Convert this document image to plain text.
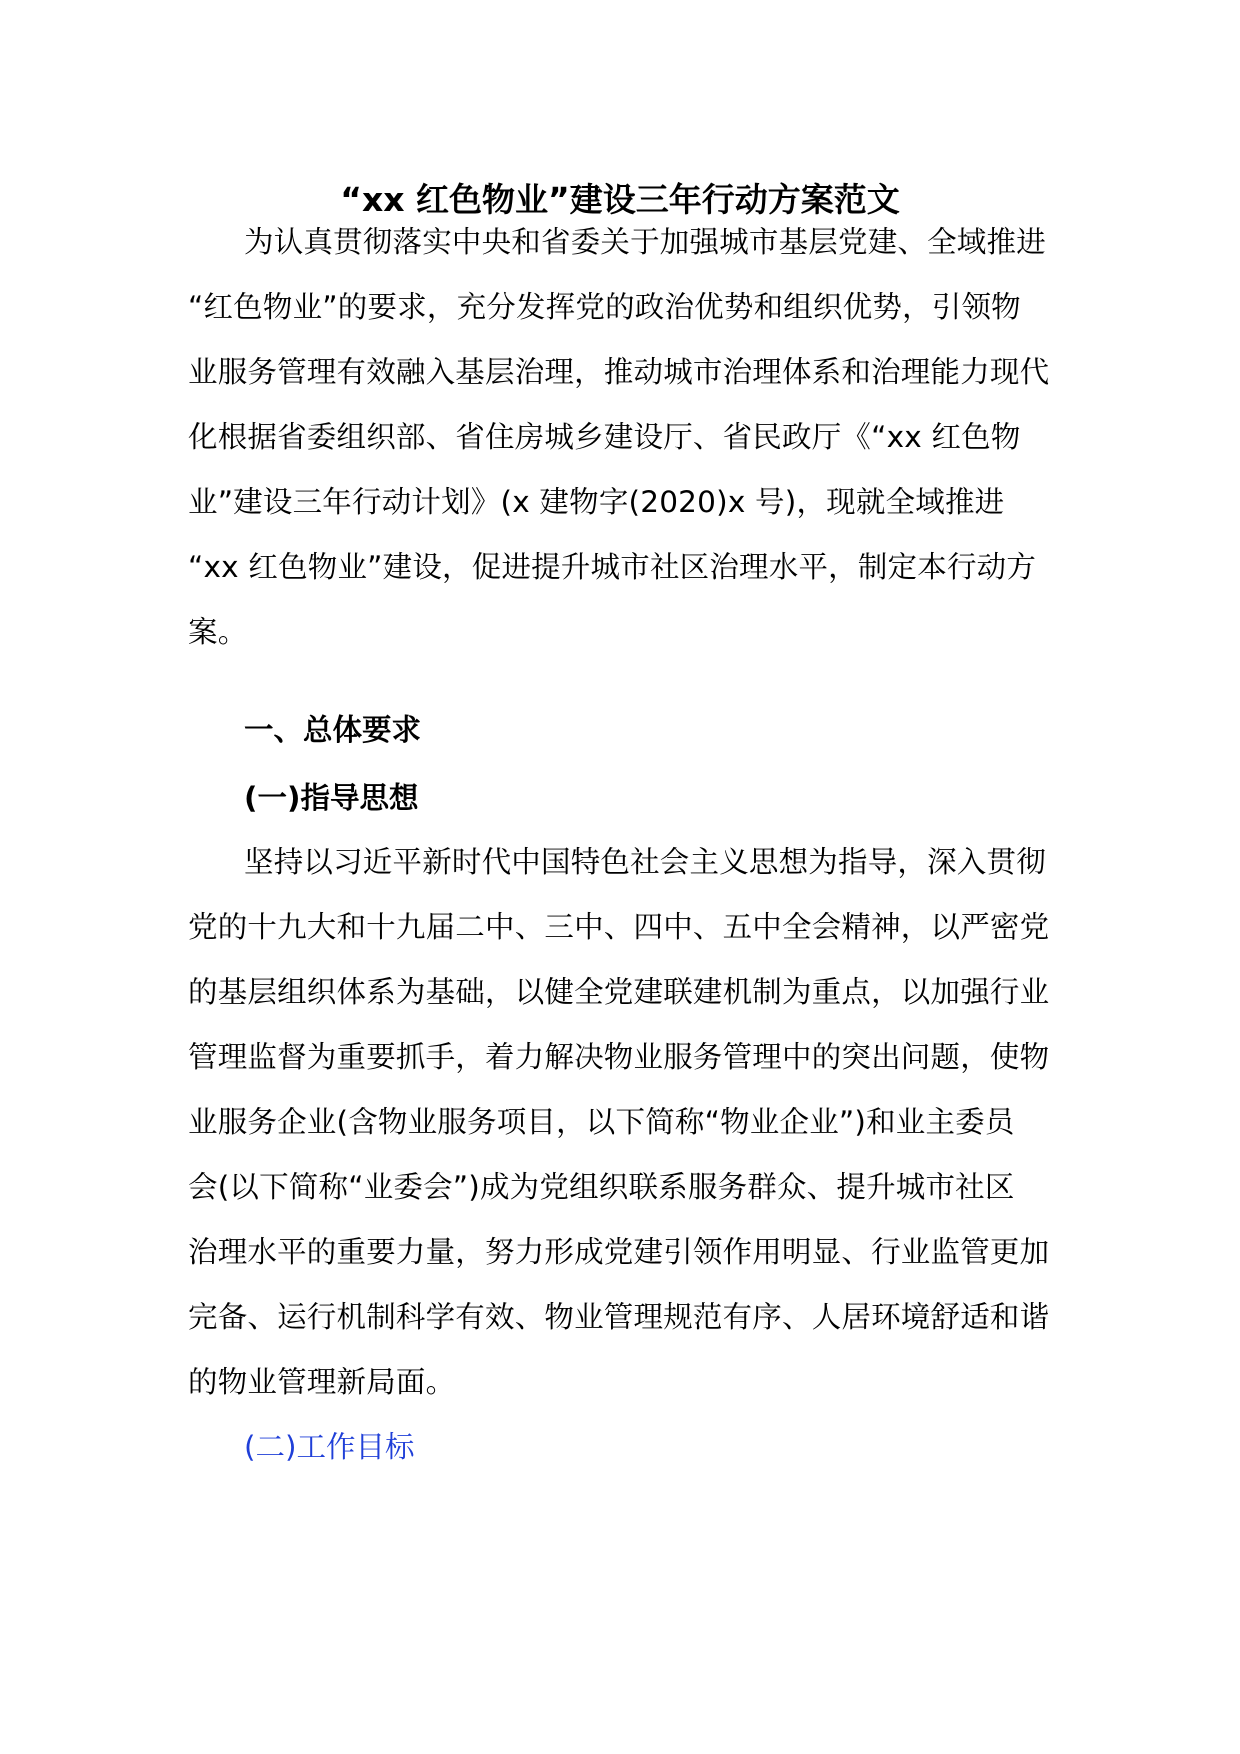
“xx 红色物业”建设三年行动方案范文
为认真贯彻落实中央和省委关于加强城市基层党建、全域推进
“红色物业”的要求，充分发挥党的政治优势和组织优势，引领物
业服务管理有效融入基层治理，推动城市治理体系和治理能力现代
化根据省委组织部、省住房城乡建设厅、省民政厅《“xx 红色物
业”建设三年行动计划》(x 建物字(2020)x 号)，现就全域推进
“xx 红色物业”建设，促进提升城市社区治理水平，制定本行动方
案。
一、总体要求
(一)指导思想
坚持以习近平新时代中国特色社会主义思想为指导，深入贯彻
党的十九大和十九届二中、三中、四中、五中全会精神，以严密党
的基层组织体系为基础，以健全党建联建机制为重点，以加强行业
管理监督为重要抓手，着力解决物业服务管理中的突出问题，使物
业服务企业(含物业服务项目，以下简称“物业企业”)和业主委员
会(以下简称“业委会”)成为党组织联系服务群众、提升城市社区
治理水平的重要力量，努力形成党建引领作用明显、行业监管更加
完备、运行机制科学有效、物业管理规范有序、人居环境舒适和谐
的物业管理新局面。
(二)工作目标
